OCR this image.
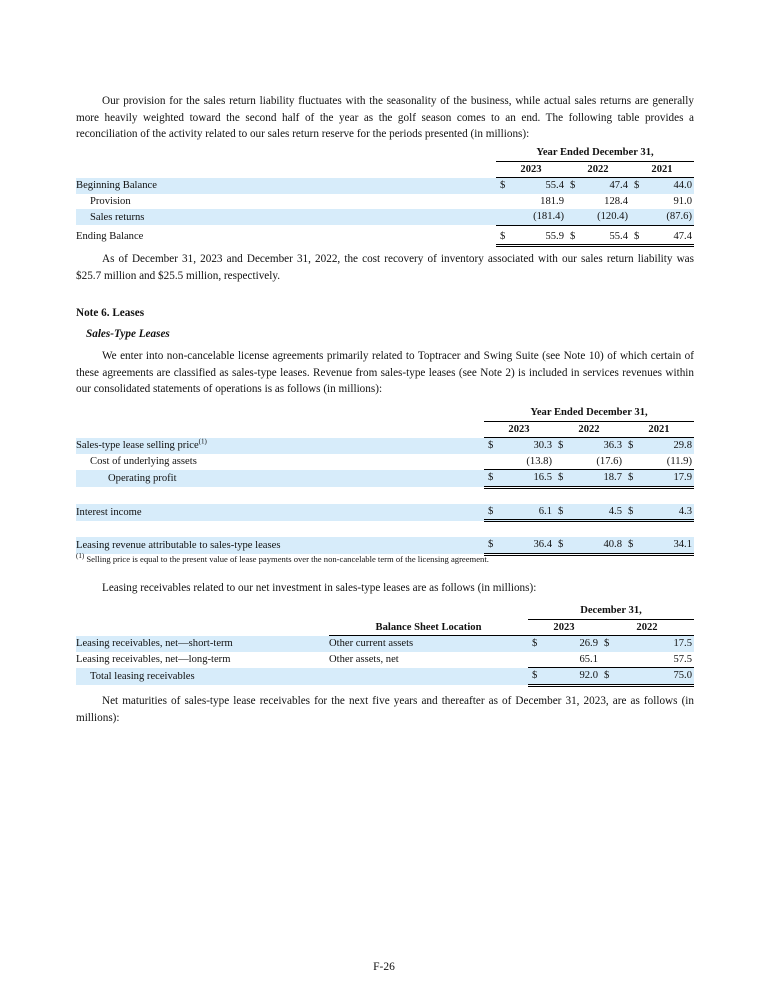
Our provision for the sales return liability fluctuates with the seasonality of the business, while actual sales returns are generally more heavily weighted toward the second half of the year as the golf season comes to an end. The following table provides a reconciliation of the activity related to our sales return reserve for the periods presented (in millions):

	Year Ended December 31,					
	2023		2022		2021	
Beginning Balance	$	55.4	$	47.4	$	44.0
Provision		181.9		128.4		91.0
Sales returns		(181.4)		(120.4)		(87.6)
Ending Balance	$	55.9	$	55.4	$	47.4

As of December 31, 2023 and December 31, 2022, the cost recovery of inventory associated with our sales return liability was $25.7 million and $25.5 million, respectively.

Note 6. Leases

Sales-Type Leases

We enter into non-cancelable license agreements primarily related to Toptracer and Swing Suite (see Note 10) of which certain of these agreements are classified as sales-type leases. Revenue from sales-type leases (see Note 2) is included in services revenues within our consolidated statements of operations is as follows (in millions):

	Year Ended December 31,					
	2023		2022		2021	
Sales-type lease selling price$^{(1)}$	$	30.3	$	36.3	$	29.8
Cost of underlying assets		(13.8)		(17.6)		(11.9)
Operating profit	$	16.5	$	18.7	$	17.9

Interest income	$	6.1	$	4.5	$	4.3

Leasing revenue attributable to sales-type leases	$	36.4	$	40.8	$	34.1

$^{(1)}$ Selling price is equal to the present value of lease payments over the non-cancelable term of the licensing agreement.

Leasing receivables related to our net investment in sales-type leases are as follows (in millions):

		December 31,			
	Balance Sheet Location	2023		2022	
Leasing receivables, net—short-term	Other current assets	$	26.9	$	17.5
Leasing receivables, net—long-term	Other assets, net		65.1		57.5
Total leasing receivables		$	92.0	$	75.0

Net maturities of sales-type lease receivables for the next five years and thereafter as of December 31, 2023, are as follows (in millions):

F-26
